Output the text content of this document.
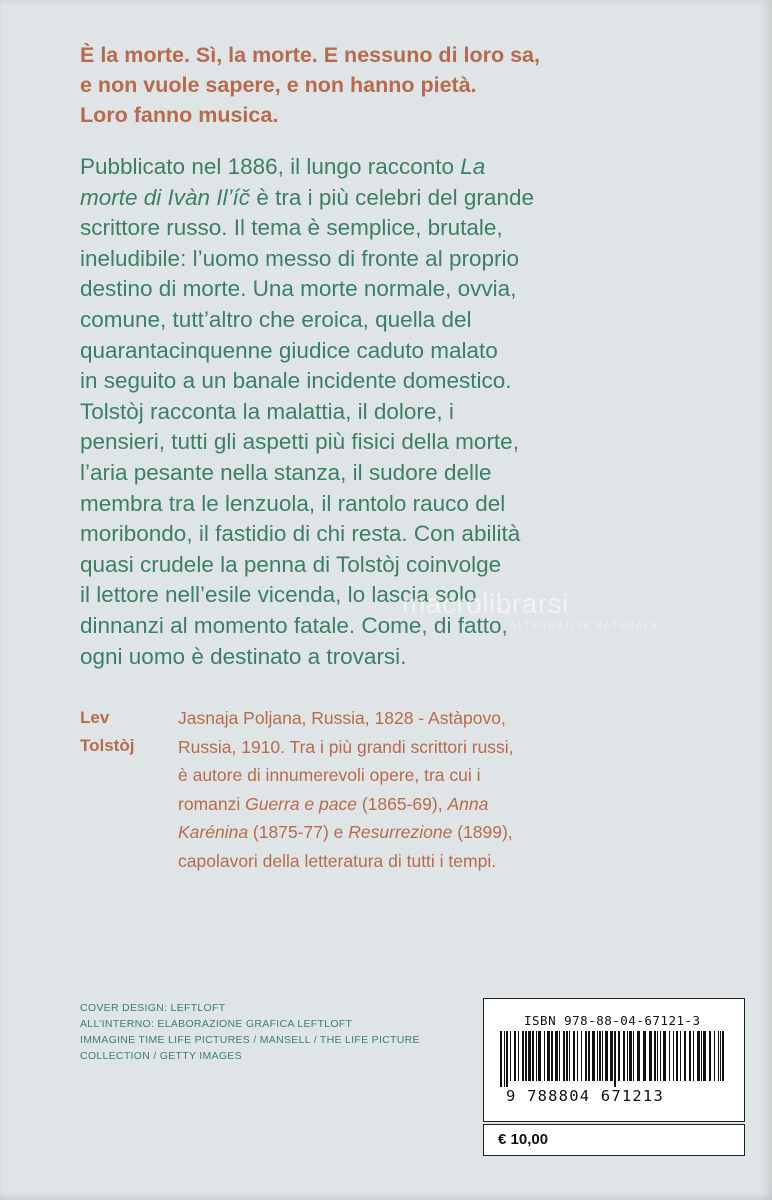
È la morte. Sì, la morte. E nessuno di loro sa,
e non vuole sapere, e non hanno pietà.
Loro fanno musica.
Pubblicato nel 1886, il lungo racconto La
morte di Ivàn Il’íč è tra i più celebri del grande
scrittore russo. Il tema è semplice, brutale,
ineludibile: l’uomo messo di fronte al proprio
destino di morte. Una morte normale, ovvia,
comune, tutt’altro che eroica, quella del
quarantacinquenne giudice caduto malato
in seguito a un banale incidente domestico.
Tolstòj racconta la malattia, il dolore, i
pensieri, tutti gli aspetti più fisici della morte,
l’aria pesante nella stanza, il sudore delle
membra tra le lenzuola, il rantolo rauco del
moribondo, il fastidio di chi resta. Con abilità
quasi crudele la penna di Tolstòj coinvolge
il lettore nell’esile vicenda, lo lascia solo
dinnanzi al momento fatale. Come, di fatto,
ogni uomo è destinato a trovarsi.
macrolibrarsi
ALTERNATIVA NATURALE
Lev
Tolstòj
Jasnaja Poljana, Russia, 1828 - Astàpovo,
Russia, 1910. Tra i più grandi scrittori russi,
è autore di innumerevoli opere, tra cui i
romanzi Guerra e pace (1865-69), Anna
Karénina (1875-77) e Resurrezione (1899),
capolavori della letteratura di tutti i tempi.
COVER DESIGN: LEFTLOFT
ALL’INTERNO: ELABORAZIONE GRAFICA LEFTLOFT
IMMAGINE TIME LIFE PICTURES / MANSELL / THE LIFE PICTURE
COLLECTION / GETTY IMAGES
ISBN 978-88-04-67121-3
9 788804 671213
€ 10,00
